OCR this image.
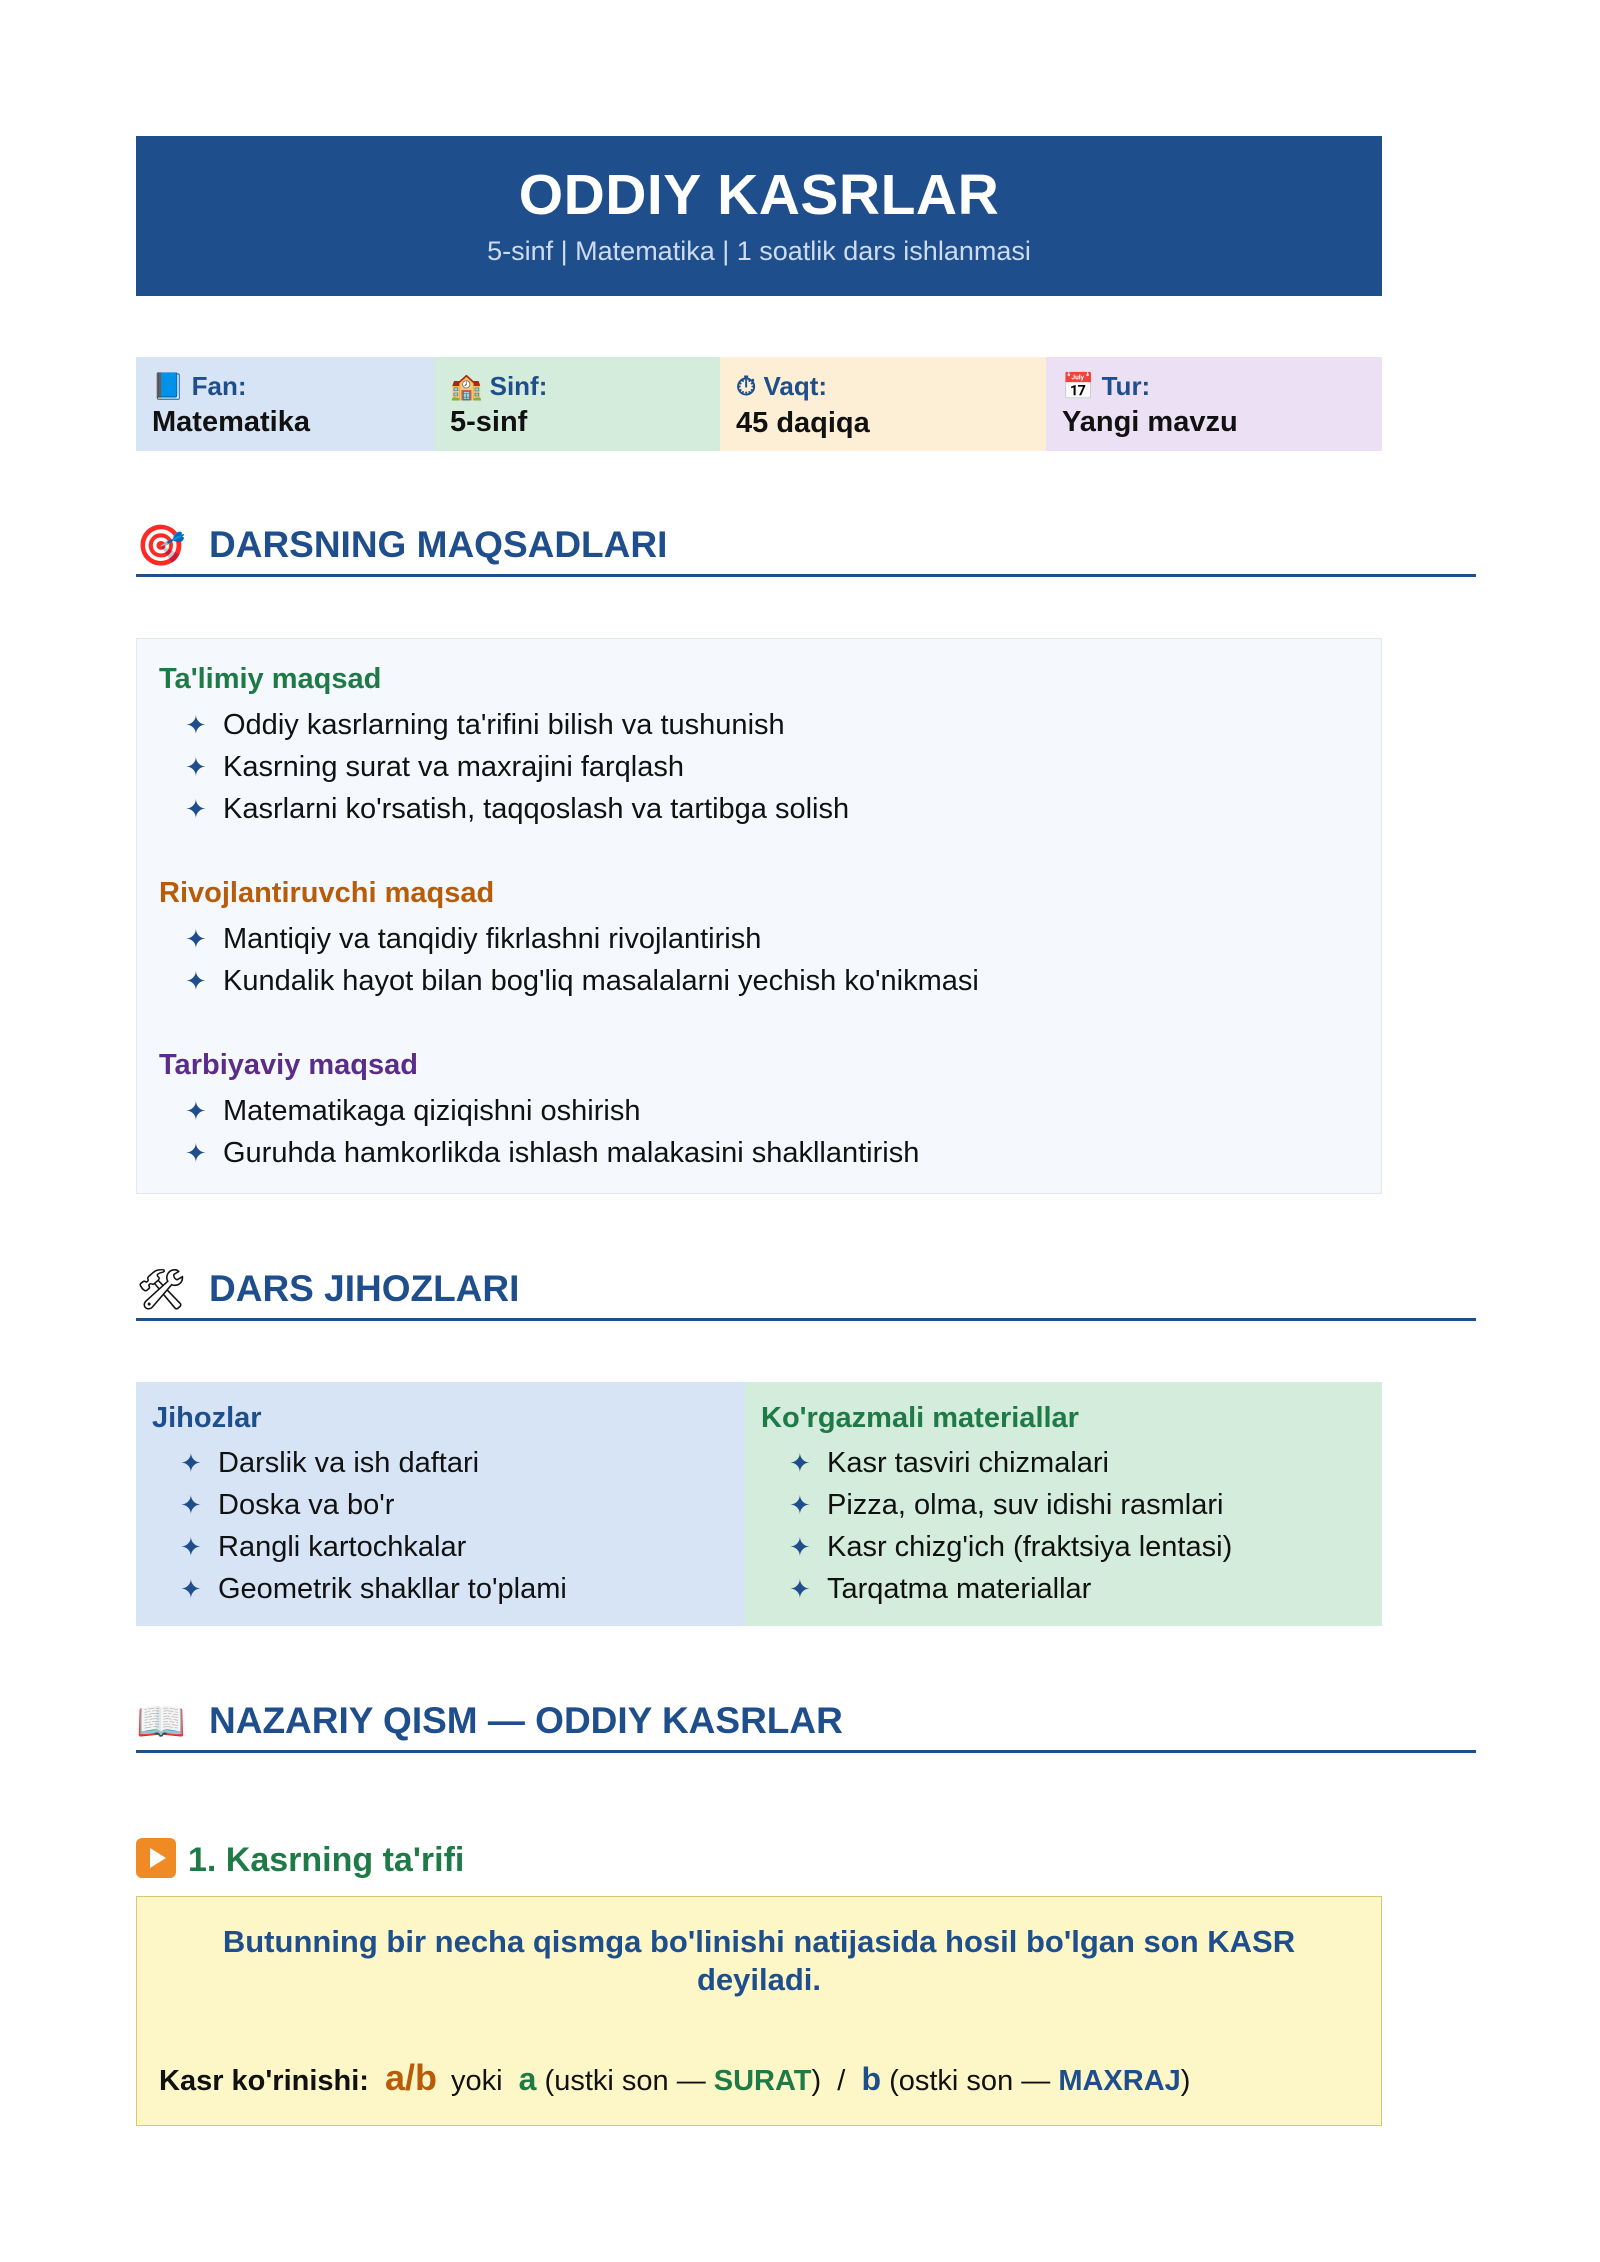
ODDIY KASRLAR
5-sinf | Matematika | 1 soatlik dars ishlanmasi
📘 Fan:
Matematika
🏫 Sinf:
5-sinf
⏱ Vaqt:
45 daqiqa
📅 Tur:
Yangi mavzu
🎯 DARSNING MAQSADLARI
Ta'limiy maqsad
✦ Oddiy kasrlarning ta'rifini bilish va tushunish
✦ Kasrning surat va maxrajini farqlash
✦ Kasrlarni ko'rsatish, taqqoslash va tartibga solish
Rivojlantiruvchi maqsad
✦ Mantiqiy va tanqidiy fikrlashni rivojlantirish
✦ Kundalik hayot bilan bog'liq masalalarni yechish ko'nikmasi
Tarbiyaviy maqsad
✦ Matematikaga qiziqishni oshirish
✦ Guruhda hamkorlikda ishlash malakasini shakllantirish
🛠 DARS JIHOZLARI
Jihozlar
✦ Darslik va ish daftari
✦ Doska va bo'r
✦ Rangli kartochkalar
✦ Geometrik shakllar to'plami
Ko'rgazmali materiallar
✦ Kasr tasviri chizmalari
✦ Pizza, olma, suv idishi rasmlari
✦ Kasr chizg'ich (fraktsiya lentasi)
✦ Tarqatma materiallar
📖 NAZARIY QISM — ODDIY KASRLAR
1. Kasrning ta'rifi
Butunning bir necha qismga bo'linishi natijasida hosil bo'lgan son KASR deyiladi.
Kasr ko'rinishi: a/b yoki a (ustki son — SURAT) / b (ostki son — MAXRAJ)
